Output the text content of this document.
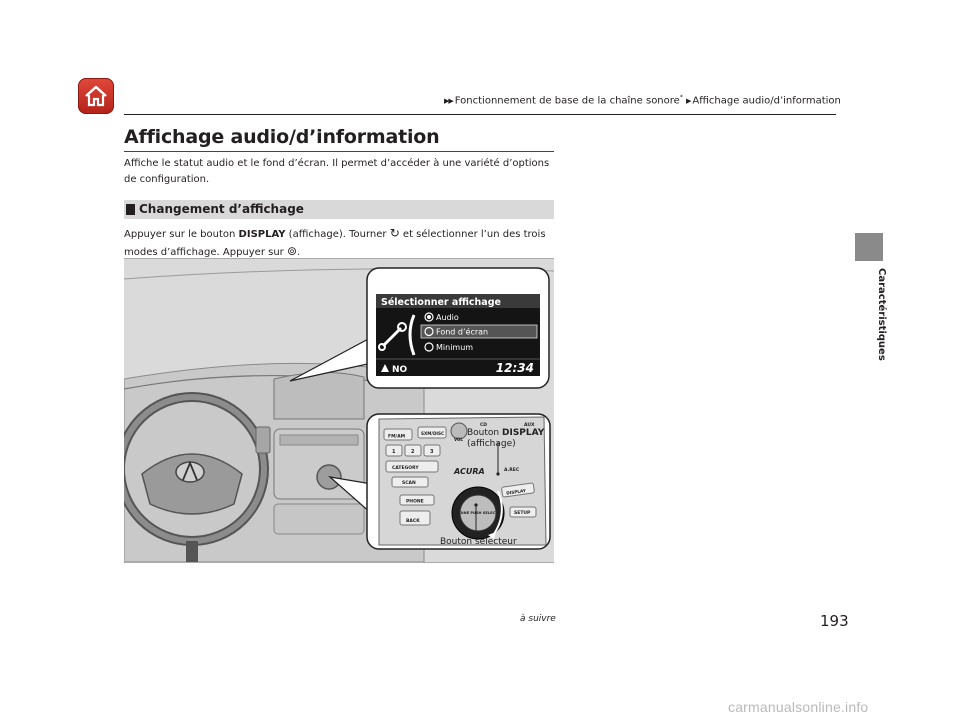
▶▶ Fonctionnement de base de la chaîne sonore* ▶ Affichage audio/d’information
Affichage audio/d’information

Affiche le statut audio et le fond d’écran. Il permet d’accéder à une variété d’options de configuration.

Changement d’affichage

Appuyer sur le bouton DISPLAY (affichage). Tourner ↻ et sélectionner l’un des trois modes d’affichage. Appuyer sur ⊚.

Sélectionner affichage
Audio
Fond d’écran
Minimum
NO	12:34
FM/AM
SXM/DISC
VOL
CD	AUX
1	2	3
CATEGORY
SCAN
ACURA	A.REC
DISPLAY
PHONE
BACK
SETUP
TUNE PUSH SELECT
Bouton DISPLAY
(affichage)
Bouton sélecteur
Caractéristiques
à suivre	193
carmanualsonline.info
